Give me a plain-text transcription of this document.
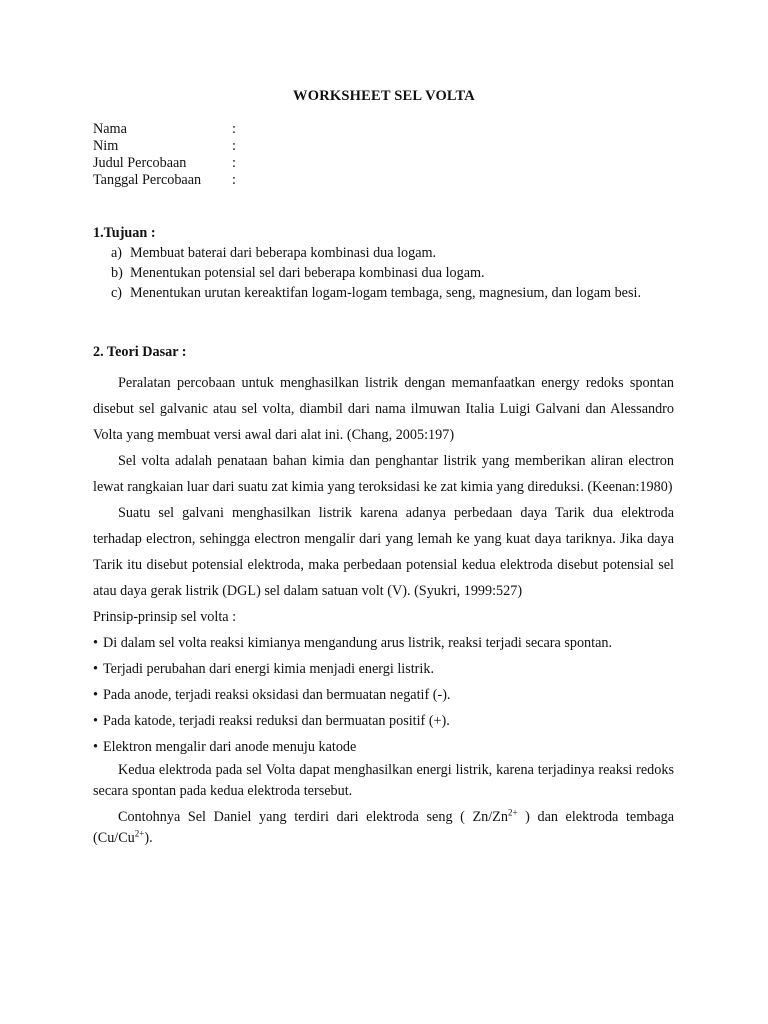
WORKSHEET SEL VOLTA
Nama	:
Nim	:
Judul Percobaan	:
Tanggal Percobaan	:
1.Tujuan :
a) Membuat baterai dari beberapa kombinasi dua logam.
b) Menentukan potensial sel dari beberapa kombinasi dua logam.
c) Menentukan urutan kereaktifan logam-logam tembaga, seng, magnesium, dan logam besi.
2. Teori Dasar :

Peralatan percobaan untuk menghasilkan listrik dengan memanfaatkan energy redoks spontan disebut sel galvanic atau sel volta, diambil dari nama ilmuwan Italia Luigi Galvani dan Alessandro Volta yang membuat versi awal dari alat ini. (Chang, 2005:197)

Sel volta adalah penataan bahan kimia dan penghantar listrik yang memberikan aliran electron lewat rangkaian luar dari suatu zat kimia yang teroksidasi ke zat kimia yang direduksi. (Keenan:1980)

Suatu sel galvani menghasilkan listrik karena adanya perbedaan daya Tarik dua elektroda terhadap electron, sehingga electron mengalir dari yang lemah ke yang kuat daya tariknya. Jika daya Tarik itu disebut potensial elektroda, maka perbedaan potensial kedua elektroda disebut potensial sel atau daya gerak listrik (DGL) sel dalam satuan volt (V). (Syukri, 1999:527)

Prinsip-prinsip sel volta :

• Di dalam sel volta reaksi kimianya mengandung arus listrik, reaksi terjadi secara spontan.
• Terjadi perubahan dari energi kimia menjadi energi listrik.
• Pada anode, terjadi reaksi oksidasi dan bermuatan negatif (-).
• Pada katode, terjadi reaksi reduksi dan bermuatan positif (+).
• Elektron mengalir dari anode menuju katode

Kedua elektroda pada sel Volta dapat menghasilkan energi listrik, karena terjadinya reaksi redoks secara spontan pada kedua elektroda tersebut.

Contohnya Sel Daniel yang terdiri dari elektroda seng ( $Zn/Zn^{2+}$ ) dan elektroda tembaga $(Cu/Cu^{2+})$.
